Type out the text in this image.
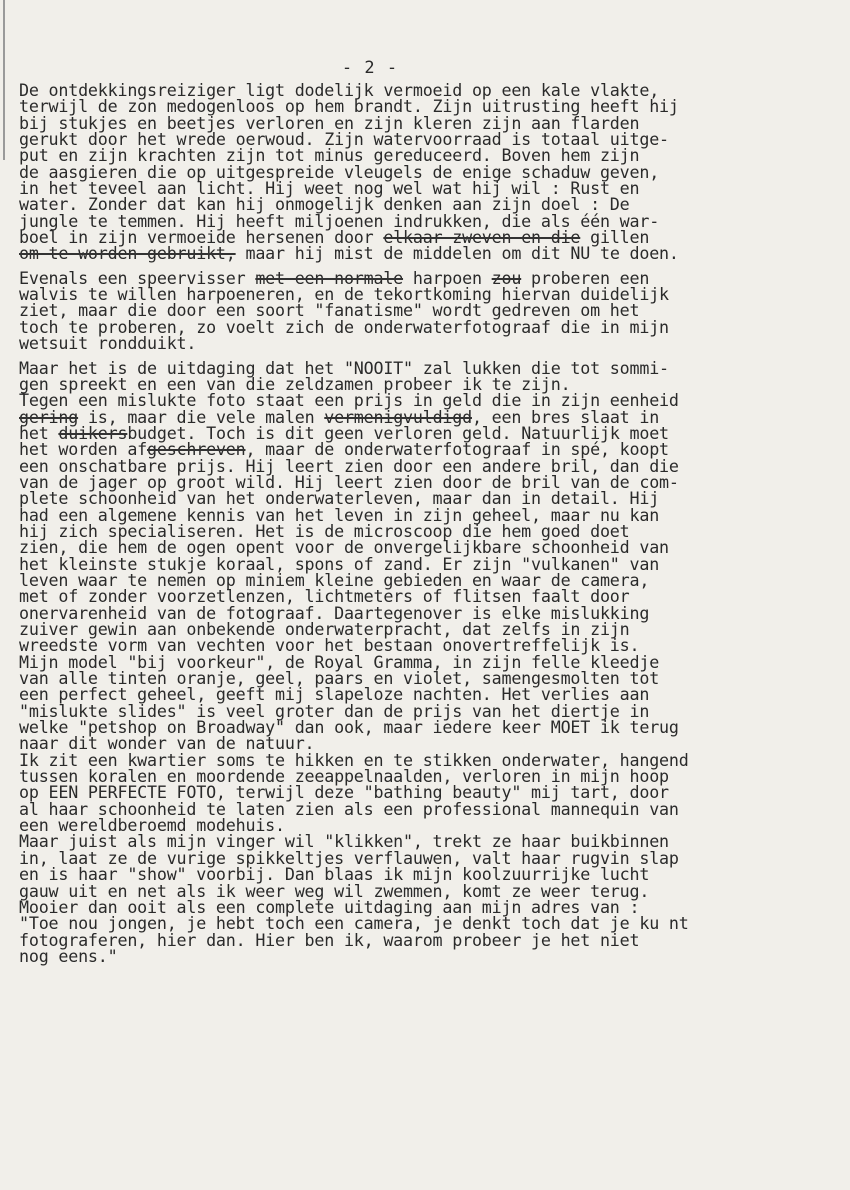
- 2 -
De ontdekkingsreiziger ligt dodelijk vermoeid op een kale vlakte,
terwijl de zon medogenloos op hem brandt. Zijn uitrusting heeft hij
bij stukjes en beetjes verloren en zijn kleren zijn aan flarden
gerukt door het wrede oerwoud. Zijn watervoorraad is totaal uitge-
put en zijn krachten zijn tot minus gereduceerd. Boven hem zijn
de aasgieren die op uitgespreide vleugels de enige schaduw geven,
in het teveel aan licht. Hij weet nog wel wat hij wil : Rust en
water. Zonder dat kan hij onmogelijk denken aan zijn doel : De
jungle te temmen. Hij heeft miljoenen indrukken, die als één war-
boel in zijn vermoeide hersenen door elkaar zweven en die gillen
om te worden gebruikt, maar hij mist de middelen om dit NU te doen.
Evenals een speervisser met een normale harpoen zou proberen een
walvis te willen harpoeneren, en de tekortkoming hiervan duidelijk
ziet, maar die door een soort "fanatisme" wordt gedreven om het
toch te proberen, zo voelt zich de onderwaterfotograaf die in mijn
wetsuit rondduikt.
Maar het is de uitdaging dat het "NOOIT" zal lukken die tot sommi-
gen spreekt en een van die zeldzamen probeer ik te zijn.
Tegen een mislukte foto staat een prijs in geld die in zijn eenheid
gering is, maar die vele malen vermenigvuldigd, een bres slaat in
het duikersbudget. Toch is dit geen verloren geld. Natuurlijk moet
het worden afgeschreven, maar de onderwaterfotograaf in spé, koopt
een onschatbare prijs. Hij leert zien door een andere bril, dan die
van de jager op groot wild. Hij leert zien door de bril van de com-
plete schoonheid van het onderwaterleven, maar dan in detail. Hij
had een algemene kennis van het leven in zijn geheel, maar nu kan
hij zich specialiseren. Het is de microscoop die hem goed doet
zien, die hem de ogen opent voor de onvergelijkbare schoonheid van
het kleinste stukje koraal, spons of zand. Er zijn "vulkanen" van
leven waar te nemen op miniem kleine gebieden en waar de camera,
met of zonder voorzetlenzen, lichtmeters of flitsen faalt door
onervarenheid van de fotograaf. Daartegenover is elke mislukking
zuiver gewin aan onbekende onderwaterpracht, dat zelfs in zijn
wreedste vorm van vechten voor het bestaan onovertreffelijk is.
Mijn model "bij voorkeur", de Royal Gramma, in zijn felle kleedje
van alle tinten oranje, geel, paars en violet, samengesmolten tot
een perfect geheel, geeft mij slapeloze nachten. Het verlies aan
"mislukte slides" is veel groter dan de prijs van het diertje in
welke "petshop on Broadway" dan ook, maar iedere keer MOET ik terug
naar dit wonder van de natuur.
Ik zit een kwartier soms te hikken en te stikken onderwater, hangend
tussen koralen en moordende zeeappelnaalden, verloren in mijn hoop
op EEN PERFECTE FOTO, terwijl deze "bathing beauty" mij tart, door
al haar schoonheid te laten zien als een professional mannequin van
een wereldberoemd modehuis.
Maar juist als mijn vinger wil "klikken", trekt ze haar buikbinnen
in, laat ze de vurige spikkeltjes verflauwen, valt haar rugvin slap
en is haar "show" voorbij. Dan blaas ik mijn koolzuurrijke lucht
gauw uit en net als ik weer weg wil zwemmen, komt ze weer terug.
Mooier dan ooit als een complete uitdaging aan mijn adres van :
"Toe nou jongen, je hebt toch een camera, je denkt toch dat je ku nt
fotograferen, hier dan. Hier ben ik, waarom probeer je het niet
nog eens."
